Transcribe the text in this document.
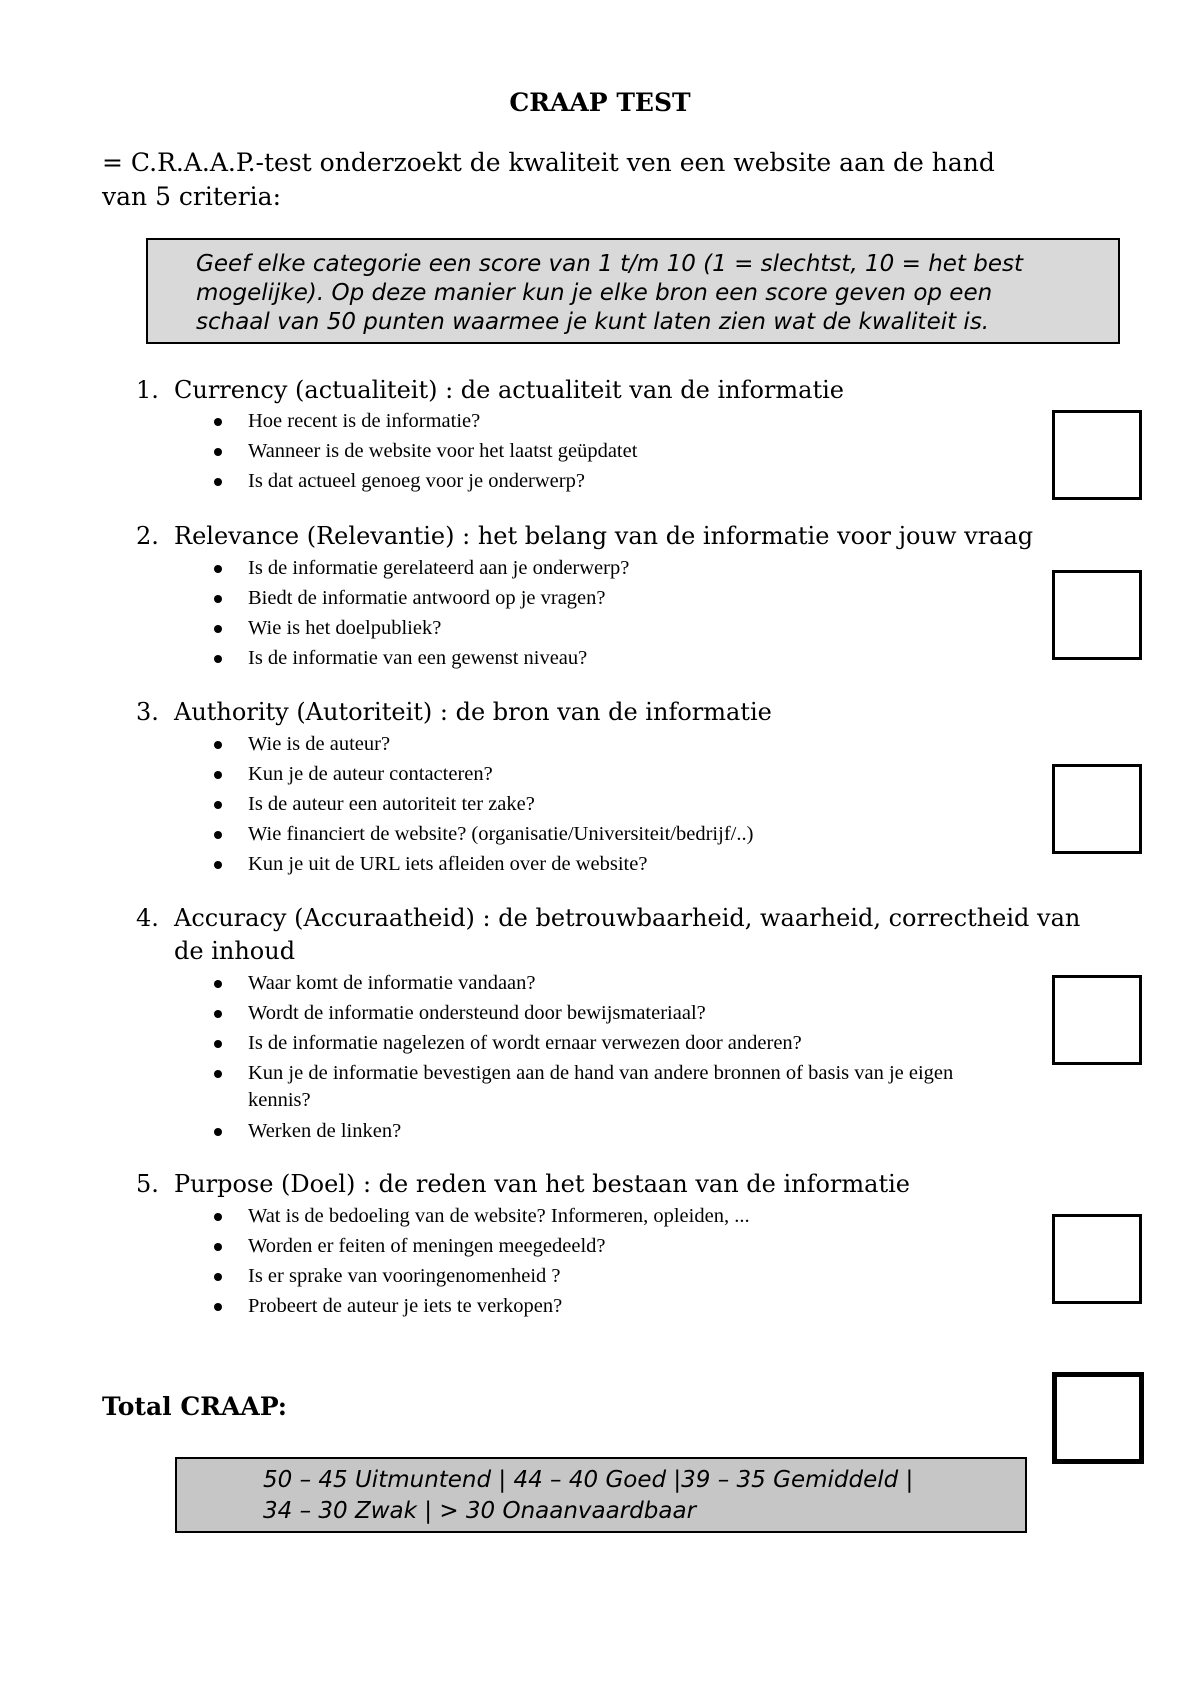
CRAAP TEST
= C.R.A.A.P.-test onderzoekt de kwaliteit ven een website aan de hand van 5 criteria:
Geef elke categorie een score van 1 t/m 10 (1 = slechtst, 10 = het best mogelijke). Op deze manier kun je elke bron een score geven op een schaal van 50 punten waarmee je kunt laten zien wat de kwaliteit is.
1. Currency (actualiteit) : de actualiteit van de informatie
Hoe recent is de informatie?
Wanneer is de website voor het laatst geüpdatet
Is dat actueel genoeg voor je onderwerp?
2. Relevance (Relevantie) : het belang van de informatie voor jouw vraag
Is de informatie gerelateerd aan je onderwerp?
Biedt de informatie antwoord op je vragen?
Wie is het doelpubliek?
Is de informatie van een gewenst niveau?
3. Authority (Autoriteit) : de bron van de informatie
Wie is de auteur?
Kun je de auteur contacteren?
Is de auteur een autoriteit ter zake?
Wie financiert de website? (organisatie/Universiteit/bedrijf/..)
Kun je uit de URL iets afleiden over de website?
4. Accuracy (Accuraatheid) : de betrouwbaarheid, waarheid, correctheid van de inhoud
Waar komt de informatie vandaan?
Wordt de informatie ondersteund door bewijsmateriaal?
Is de informatie nagelezen of wordt ernaar verwezen door anderen?
Kun je de informatie bevestigen aan de hand van andere bronnen of basis van je eigen kennis?
Werken de linken?
5. Purpose (Doel) : de reden van het bestaan van de informatie
Wat is de bedoeling van de website? Informeren, opleiden, ...
Worden er feiten of meningen meegedeeld?
Is er sprake van vooringenomenheid ?
Probeert de auteur je iets te verkopen?
Total CRAAP:
50 – 45 Uitmuntend | 44 – 40 Goed |39 – 35 Gemiddeld |
34 – 30 Zwak | > 30 Onaanvaardbaar
